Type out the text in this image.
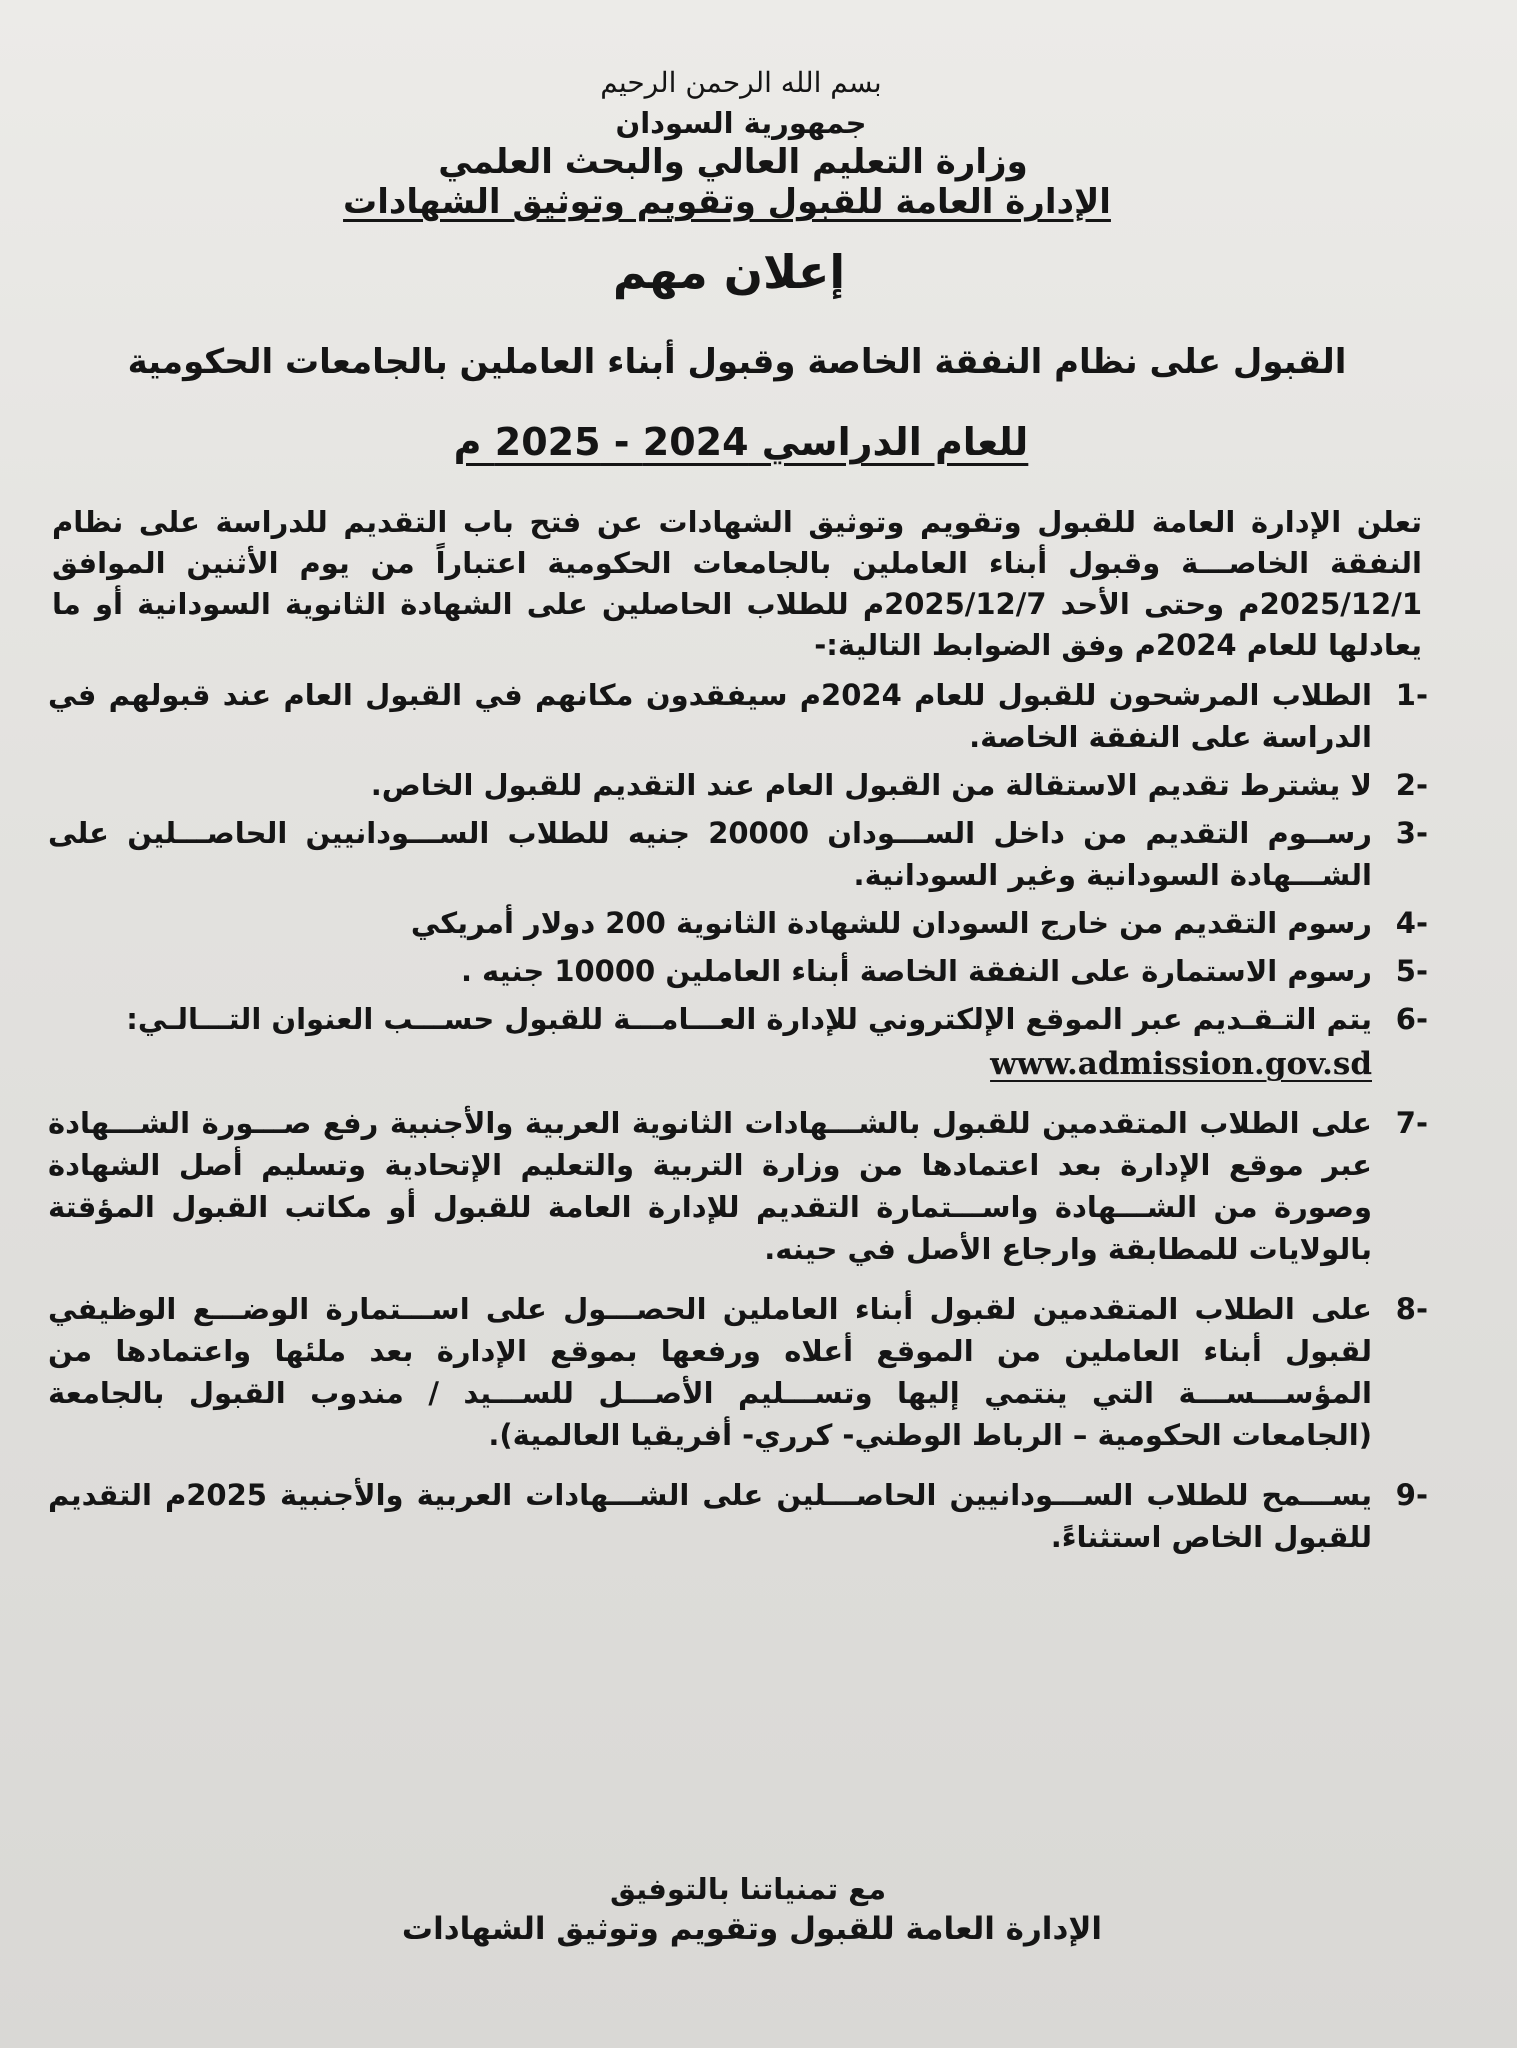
بسم الله الرحمن الرحيم
جمهورية السودان
وزارة التعليم العالي والبحث العلمي
الإدارة العامة للقبول وتقويم وتوثيق الشهادات
إعلان مهم
القبول على نظام النفقة الخاصة وقبول أبناء العاملين بالجامعات الحكومية
للعام الدراسي 2024 - 2025 م
تعلن الإدارة العامة للقبول وتقويم وتوثيق الشهادات عن فتح باب التقديم للدراسة على نظام النفقة الخاصـــة وقبول أبناء العاملين بالجامعات الحكومية اعتباراً من يوم الأثنين الموافق 2025/12/1م وحتى الأحد 2025/12/7م للطلاب الحاصلين على الشهادة الثانوية السودانية أو ما يعادلها للعام 2024م وفق الضوابط التالية:-
-1
الطلاب المرشحون للقبول للعام 2024م سيفقدون مكانهم في القبول العام عند قبولهم في الدراسة على النفقة الخاصة.
-2
لا يشترط تقديم الاستقالة من القبول العام عند التقديم للقبول الخاص.
-3
رســوم التقديم من داخل الســـودان 20000 جنيه للطلاب الســـودانيين الحاصـــلين على الشـــهادة السودانية وغير السودانية.
-4
رسوم التقديم من خارج السودان للشهادة الثانوية 200 دولار أمريكي
-5
رسوم الاستمارة على النفقة الخاصة أبناء العاملين 10000 جنيه .
-6
يتم التـقـديم عبر الموقع الإلكتروني للإدارة العـــامـــة للقبول حســـب العنوان التـــالـي:
www.admission.gov.sd
-7
على الطلاب المتقدمين للقبول بالشـــهادات الثانوية العربية والأجنبية رفع صـــورة الشـــهادة عبر موقع الإدارة بعد اعتمادها من وزارة التربية والتعليم الإتحادية وتسليم أصل الشهادة وصورة من الشـــهادة واســـتمارة التقديم للإدارة العامة للقبول أو مكاتب القبول المؤقتة بالولايات للمطابقة وارجاع الأصل في حينه.
-8
على الطلاب المتقدمين لقبول أبناء العاملين الحصـــول على اســـتمارة الوضـــع الوظيفي لقبول أبناء العاملين من الموقع أعلاه ورفعها بموقع الإدارة بعد ملئها واعتمادها من المؤســـســـة التي ينتمي إليها وتســـليم الأصـــل للســـيد / مندوب القبول بالجامعة (الجامعات الحكومية – الرباط الوطني- كرري- أفريقيا العالمية).
-9
يســـمح للطلاب الســـودانيين الحاصـــلين على الشـــهادات العربية والأجنبية 2025م التقديم للقبول الخاص استثناءً.
مع تمنياتنا بالتوفيق
الإدارة العامة للقبول وتقويم وتوثيق الشهادات
